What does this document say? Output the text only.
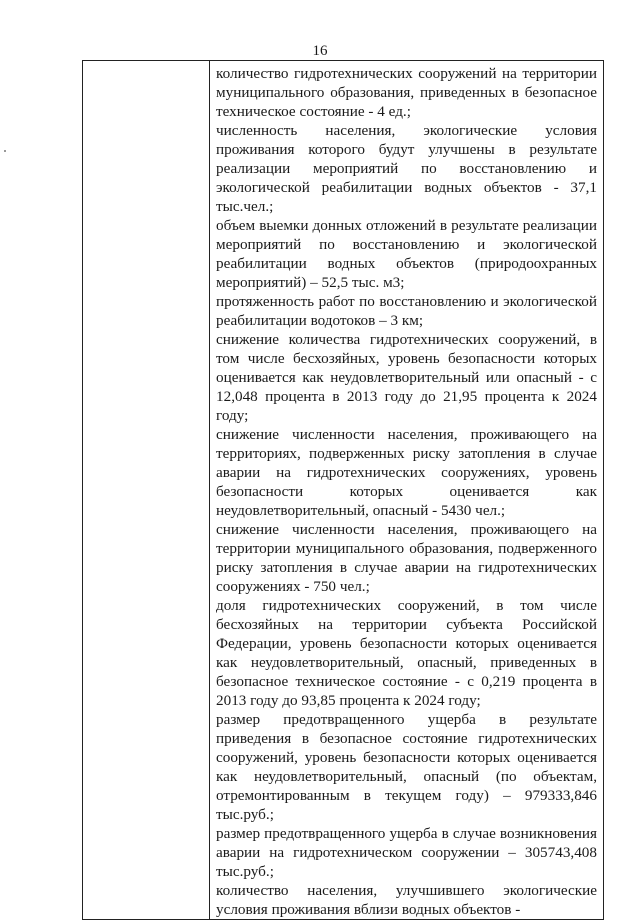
16

количество гидротехнических сооружений на территории муниципального образования, приведенных в безопасное техническое состояние - 4 ед.;

численность населения, экологические условия проживания которого будут улучшены в результате реализации мероприятий по восстановлению и экологической реабилитации водных объектов - 37,1 тыс.чел.;

объем выемки донных отложений в результате реализации мероприятий по восстановлению и экологической реабилитации водных объектов (природоохранных мероприятий) – 52,5 тыс. м3;

протяженность работ по восстановлению и экологической реабилитации водотоков – 3 км;

снижение количества гидротехнических сооружений, в том числе бесхозяйных, уровень безопасности которых оценивается как неудовлетворительный или опасный - с 12,048 процента в 2013 году до 21,95 процента к 2024 году;

снижение численности населения, проживающего на территориях, подверженных риску затопления в случае аварии на гидротехнических сооружениях, уровень безопасности которых оценивается как неудовлетворительный, опасный - 5430 чел.;

снижение численности населения, проживающего на территории муниципального образования, подверженного риску затопления в случае аварии на гидротехнических сооружениях - 750 чел.;

доля гидротехнических сооружений, в том числе бесхозяйных на территории субъекта Российской Федерации, уровень безопасности которых оценивается как неудовлетворительный, опасный, приведенных в безопасное техническое состояние - с 0,219 процента в 2013 году до 93,85 процента к 2024 году;

размер предотвращенного ущерба в результате приведения в безопасное состояние гидротехнических сооружений, уровень безопасности которых оценивается как неудовлетворительный, опасный (по объектам, отремонтированным в текущем году) – 979333,846 тыс.руб.;

размер предотвращенного ущерба в случае возникновения аварии на гидротехническом сооружении – 305743,408 тыс.руб.;

количество населения, улучшившего экологические условия проживания вблизи водных объектов -
